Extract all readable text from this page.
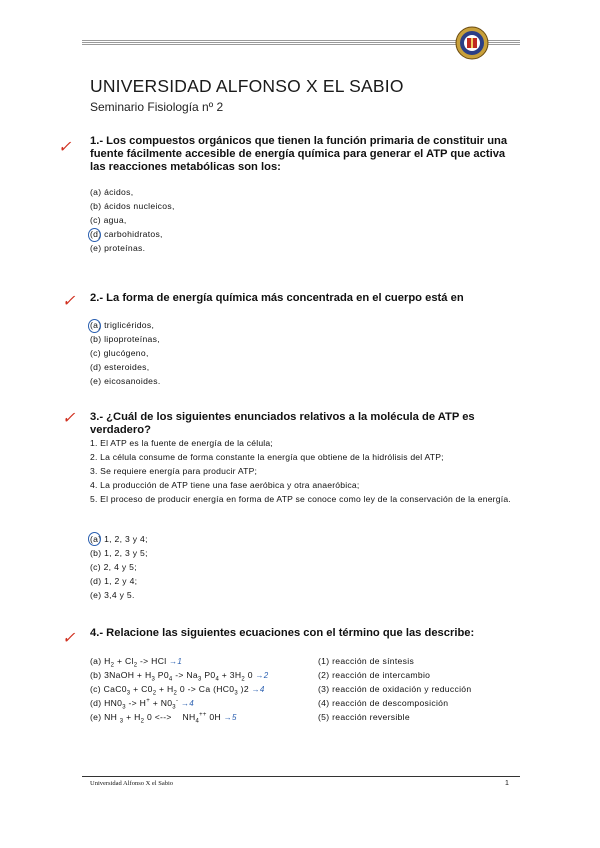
UNIVERSIDAD ALFONSO X EL SABIO
Seminario Fisiología nº 2
✓ 1.- Los compuestos orgánicos que tienen la función primaria de constituir una fuente fácilmente accesible de energía química para generar el ATP que activa las reacciones metabólicas son los:
(a) ácidos,
(b) ácidos nucleicos,
(c) agua,
(d) carbohidratos,
(e) proteínas.
✓ 2.- La forma de energía química más concentrada en el cuerpo está en
(a) triglicéridos,
(b) lipoproteínas,
(c) glucógeno,
(d) esteroides,
(e) eicosanoides.
✓ 3.- ¿Cuál de los siguientes enunciados relativos a la molécula de ATP es verdadero?
1. El ATP es la fuente de energía de la célula;
2. La célula consume de forma constante la energía que obtiene de la hidrólisis del ATP;
3. Se requiere energía para producir ATP;
4. La producción de ATP tiene una fase aeróbica y otra anaeróbica;
5. El proceso de producir energía en forma de ATP se conoce como ley de la conservación de la energía.
(a) 1, 2, 3 y 4;
(b) 1, 2, 3 y 5;
(c) 2, 4 y 5;
(d) 1, 2 y 4;
(e) 3,4 y 5.
✓ 4.- Relacione las siguientes ecuaciones con el término que las describe:
(a) $H_2 + Cl_2$ -> HCl →1
(b) 3NaOH + $H_3$ $P0_4 -> Na_3$ $P0_4 + 3H_2$ 0 →2
(c) $CaC0_3 + C0_2 + H_2$ 0 -> Ca ($HC0_3$ )2 →4
(d) $HN0_3 -> H^+ + N0_3^- \to 4$
(e) NH $_3 + H_2$ 0 <-->    $NH_4^{++}$ 0H →5
(1) reacción de síntesis
(2) reacción de intercambio
(3) reacción de oxidación y reducción
(4) reacción de descomposición
(5) reacción reversible
Universidad Alfonso X el Sabio	1
